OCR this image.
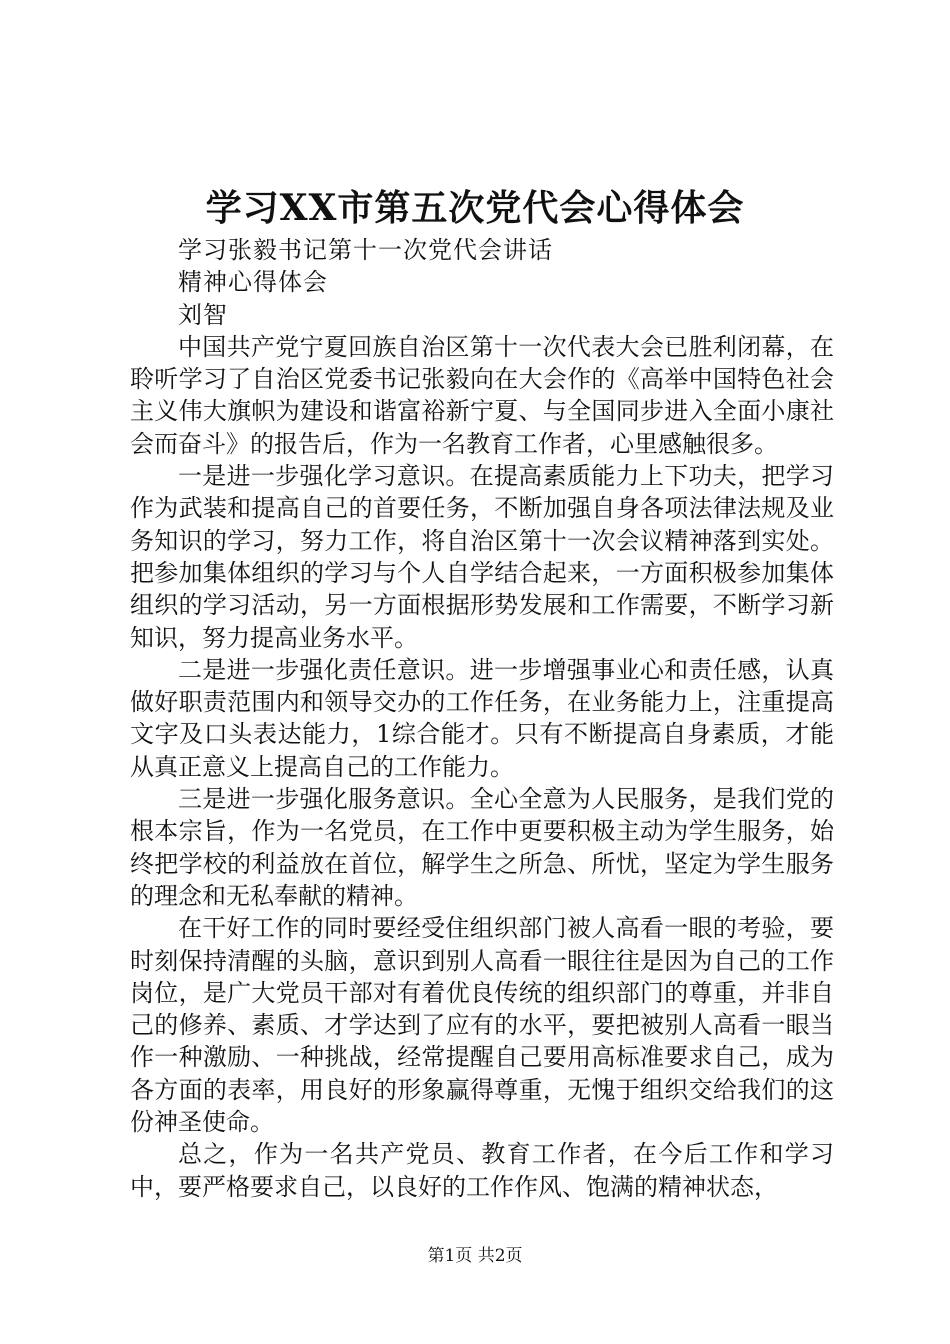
学习XX市第五次党代会心得体会

学习张毅书记第十一次党代会讲话

精神心得体会

刘智

中国共产党宁夏回族自治区第十一次代表大会已胜利闭幕，在聆听学习了自治区党委书记张毅向在大会作的《高举中国特色社会主义伟大旗帜为建设和谐富裕新宁夏、与全国同步进入全面小康社会而奋斗》的报告后，作为一名教育工作者，心里感触很多。

一是进一步强化学习意识。在提高素质能力上下功夫，把学习作为武装和提高自己的首要任务，不断加强自身各项法律法规及业务知识的学习，努力工作，将自治区第十一次会议精神落到实处。把参加集体组织的学习与个人自学结合起来，一方面积极参加集体组织的学习活动，另一方面根据形势发展和工作需要，不断学习新知识，努力提高业务水平。

二是进一步强化责任意识。进一步增强事业心和责任感，认真做好职责范围内和领导交办的工作任务，在业务能力上，注重提高文字及口头表达能力，1综合能才。只有不断提高自身素质，才能从真正意义上提高自己的工作能力。

三是进一步强化服务意识。全心全意为人民服务，是我们党的根本宗旨，作为一名党员，在工作中更要积极主动为学生服务，始终把学校的利益放在首位，解学生之所急、所忧，坚定为学生服务的理念和无私奉献的精神。

在干好工作的同时要经受住组织部门被人高看一眼的考验，要时刻保持清醒的头脑，意识到别人高看一眼往往是因为自己的工作岗位，是广大党员干部对有着优良传统的组织部门的尊重，并非自己的修养、素质、才学达到了应有的水平，要把被别人高看一眼当作一种激励、一种挑战，经常提醒自己要用高标准要求自己，成为各方面的表率，用良好的形象赢得尊重，无愧于组织交给我们的这份神圣使命。

总之，作为一名共产党员、教育工作者，在今后工作和学习中，要严格要求自己，以良好的工作作风、饱满的精神状态，

第1页 共2页
